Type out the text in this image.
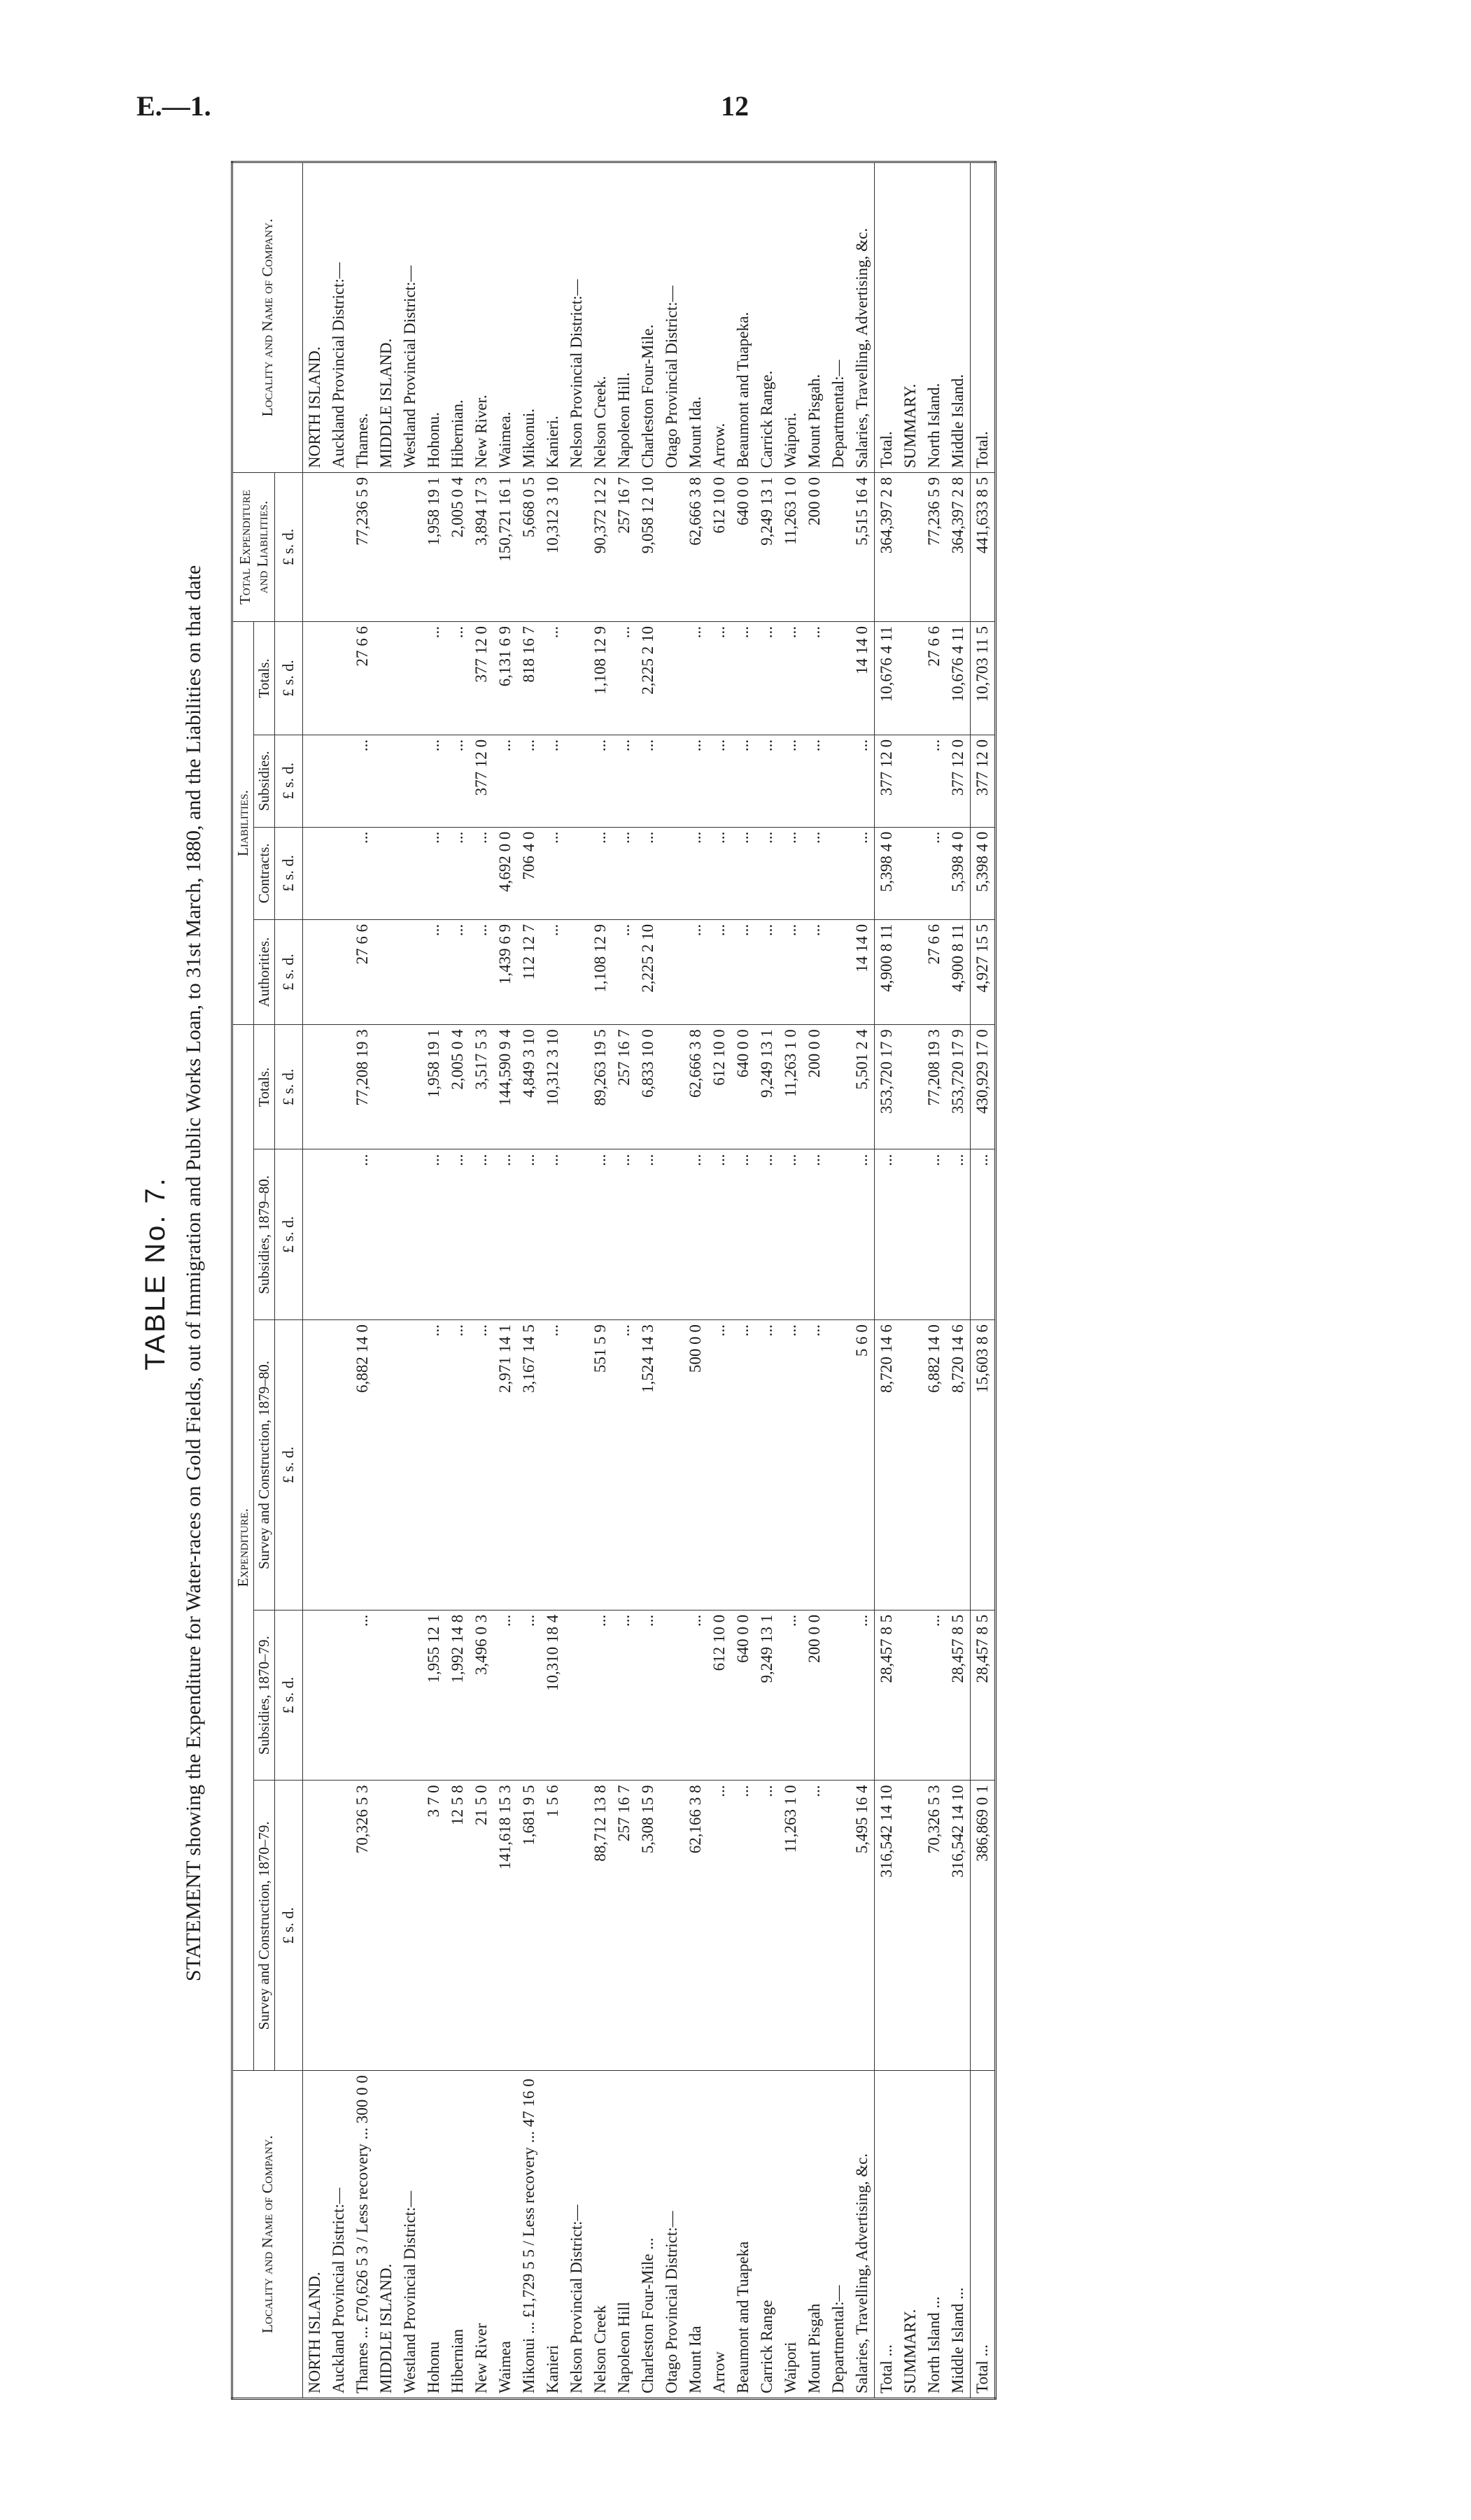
E.—1.	12
TABLE No. 7. STATEMENT showing the Expenditure for Water-races on Gold Fields, out of Immigration and Public Works Loan, to 31st March, 1880, and the Liabilities on that date
Locality and Name of Company.	Expenditure.					Liabilities.				Total Expenditure and Liabilities.	Locality and Name of Company.
	Survey and Construction, 1870–79.	Subsidies, 1870–79.	Survey and Construction, 1879–80.	Subsidies, 1879–80.	Totals.	Authorities.	Contracts.	Subsidies.	Totals.		
	£ s. d.	£ s. d.	£ s. d.	£ s. d.	£ s. d.	£ s. d.	£ s. d.	£ s. d.	£ s. d.	£ s. d.	
NORTH ISLAND.											NORTH ISLAND.
Auckland Provincial District:—											Auckland Provincial District:—
Thames ... £70,626 5 3 / Less recovery ... 300 0 0	70,326 5 3	...	6,882 14 0	...	77,208 19 3	27 6 6	...	...	27 6 6	77,236 5 9	Thames.
MIDDLE ISLAND.											MIDDLE ISLAND.
Westland Provincial District:—											Westland Provincial District:—
Hohonu	3 7 0	1,955 12 1	...	...	1,958 19 1	...	...	...	...	1,958 19 1	Hohonu.
Hibernian	12 5 8	1,992 14 8	...	...	2,005 0 4	...	...	...	...	2,005 0 4	Hibernian.
New River	21 5 0	3,496 0 3	...	...	3,517 5 3	...	...	377 12 0	377 12 0	3,894 17 3	New River.
Waimea	141,618 15 3	...	2,971 14 1	...	144,590 9 4	1,439 6 9	4,692 0 0	...	6,131 6 9	150,721 16 1	Waimea.
Mikonui ... £1,729 5 5 / Less recovery ... 47 16 0	1,681 9 5	...	3,167 14 5	...	4,849 3 10	112 12 7	706 4 0	...	818 16 7	5,668 0 5	Mikonui.
Kanieri	1 5 6	10,310 18 4	...	...	10,312 3 10	...	...	...	...	10,312 3 10	Kanieri.
Nelson Provincial District:—											Nelson Provincial District:—
Nelson Creek	88,712 13 8	...	551 5 9	...	89,263 19 5	1,108 12 9	...	...	1,108 12 9	90,372 12 2	Nelson Creek.
Napoleon Hill	257 16 7	...	...	...	257 16 7	...	...	...	...	257 16 7	Napoleon Hill.
Charleston Four-Mile ...	5,308 15 9	...	1,524 14 3	...	6,833 10 0	2,225 2 10	...	...	2,225 2 10	9,058 12 10	Charleston Four-Mile.
Otago Provincial District:—											Otago Provincial District:—
Mount Ida	62,166 3 8	...	500 0 0	...	62,666 3 8	...	...	...	...	62,666 3 8	Mount Ida.
Arrow	...	612 10 0	...	...	612 10 0	...	...	...	...	612 10 0	Arrow.
Beaumont and Tuapeka	...	640 0 0	...	...	640 0 0	...	...	...	...	640 0 0	Beaumont and Tuapeka.
Carrick Range	...	9,249 13 1	...	...	9,249 13 1	...	...	...	...	9,249 13 1	Carrick Range.
Waipori	11,263 1 0	...	...	...	11,263 1 0	...	...	...	...	11,263 1 0	Waipori.
Mount Pisgah	...	200 0 0	...	...	200 0 0	...	...	...	...	200 0 0	Mount Pisgah.
Departmental:—											Departmental:—
Salaries, Travelling, Advertising, &c.	5,495 16 4	...	5 6 0	...	5,501 2 4	14 14 0	...	...	14 14 0	5,515 16 4	Salaries, Travelling, Advertising, &c.
Total ...	316,542 14 10	28,457 8 5	8,720 14 6	...	353,720 17 9	4,900 8 11	5,398 4 0	377 12 0	10,676 4 11	364,397 2 8	Total.
SUMMARY.											SUMMARY.
North Island ...	70,326 5 3	...	6,882 14 0	...	77,208 19 3	27 6 6	...	...	27 6 6	77,236 5 9	North Island.
Middle Island ...	316,542 14 10	28,457 8 5	8,720 14 6	...	353,720 17 9	4,900 8 11	5,398 4 0	377 12 0	10,676 4 11	364,397 2 8	Middle Island.
Total ...	386,869 0 1	28,457 8 5	15,603 8 6	...	430,929 17 0	4,927 15 5	5,398 4 0	377 12 0	10,703 11 5	441,633 8 5	Total.
